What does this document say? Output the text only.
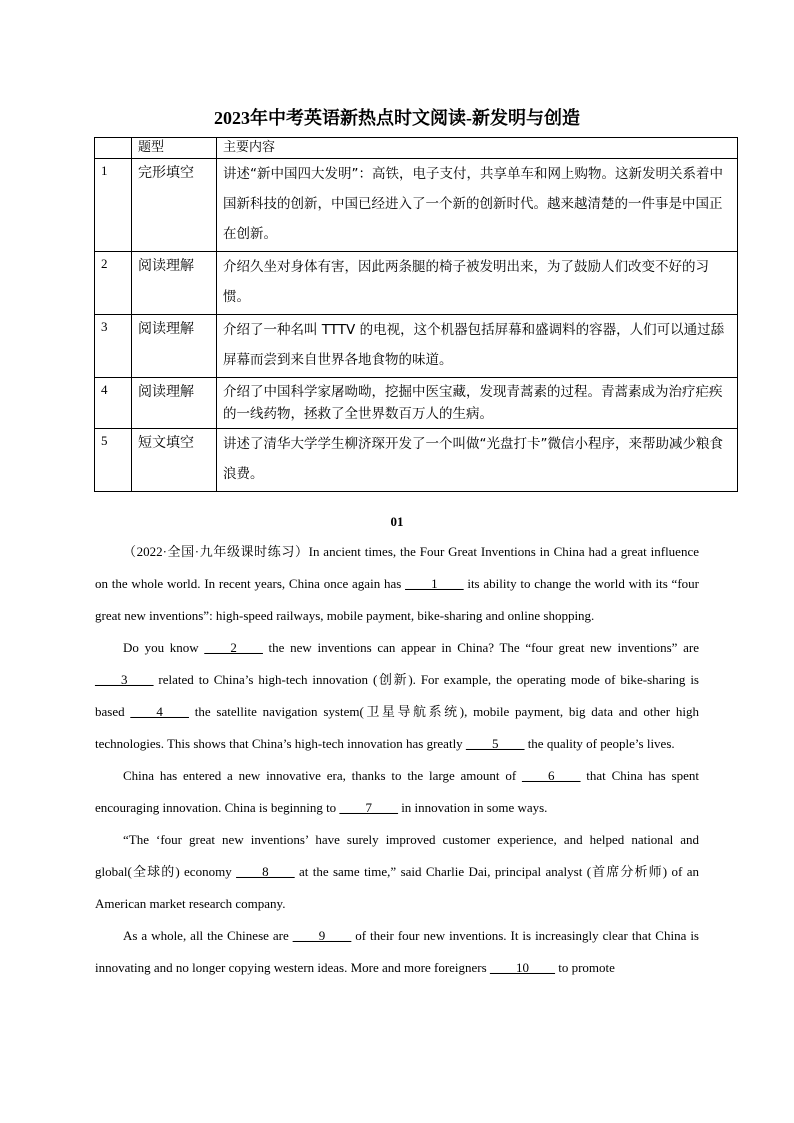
2023年中考英语新热点时文阅读-新发明与创造
	题型	主要内容
1	完形填空	讲述“新中国四大发明”：高铁，电子支付，共享单车和网上购物。这新发明关系着中国新科技的创新，中国已经进入了一个新的创新时代。越来越清楚的一件事是中国正在创新。
2	阅读理解	介绍久坐对身体有害，因此两条腿的椅子被发明出来，为了鼓励人们改变不好的习惯。
3	阅读理解	介绍了一种名叫 TTTV 的电视，这个机器包括屏幕和盛调料的容器，人们可以通过舔屏幕而尝到来自世界各地食物的味道。
4	阅读理解	介绍了中国科学家屠呦呦，挖掘中医宝藏，发现青蒿素的过程。青蒿素成为治疗疟疾的一线药物，拯救了全世界数百万人的生病。
5	短文填空	讲述了清华大学学生柳济琛开发了一个叫做“光盘打卡”微信小程序，来帮助减少粮食浪费。
01

（2022·全国·九年级课时练习）In ancient times, the Four Great Inventions in China had a great influence on the whole world. In recent years, China once again has ____1____ its ability to change the world with its “four great new inventions”: high-speed railways, mobile payment, bike-sharing and online shopping.

Do you know ____2____ the new inventions can appear in China? The “four great new inventions” are ____3____ related to China’s high-tech innovation (创新). For example, the operating mode of bike-sharing is based ____4____ the satellite navigation system(卫星导航系统), mobile payment, big data and other high technologies. This shows that China’s high-tech innovation has greatly ____5____ the quality of people’s lives.

China has entered a new innovative era, thanks to the large amount of ____6____ that China has spent encouraging innovation. China is beginning to ____7____ in innovation in some ways.

“The ‘four great new inventions’ have surely improved customer experience, and helped national and global(全球的) economy ____8____ at the same time,” said Charlie Dai, principal analyst (首席分析师) of an American market research company.

As a whole, all the Chinese are ____9____ of their four new inventions. It is increasingly clear that China is innovating and no longer copying western ideas. More and more foreigners ____10____ to promote
